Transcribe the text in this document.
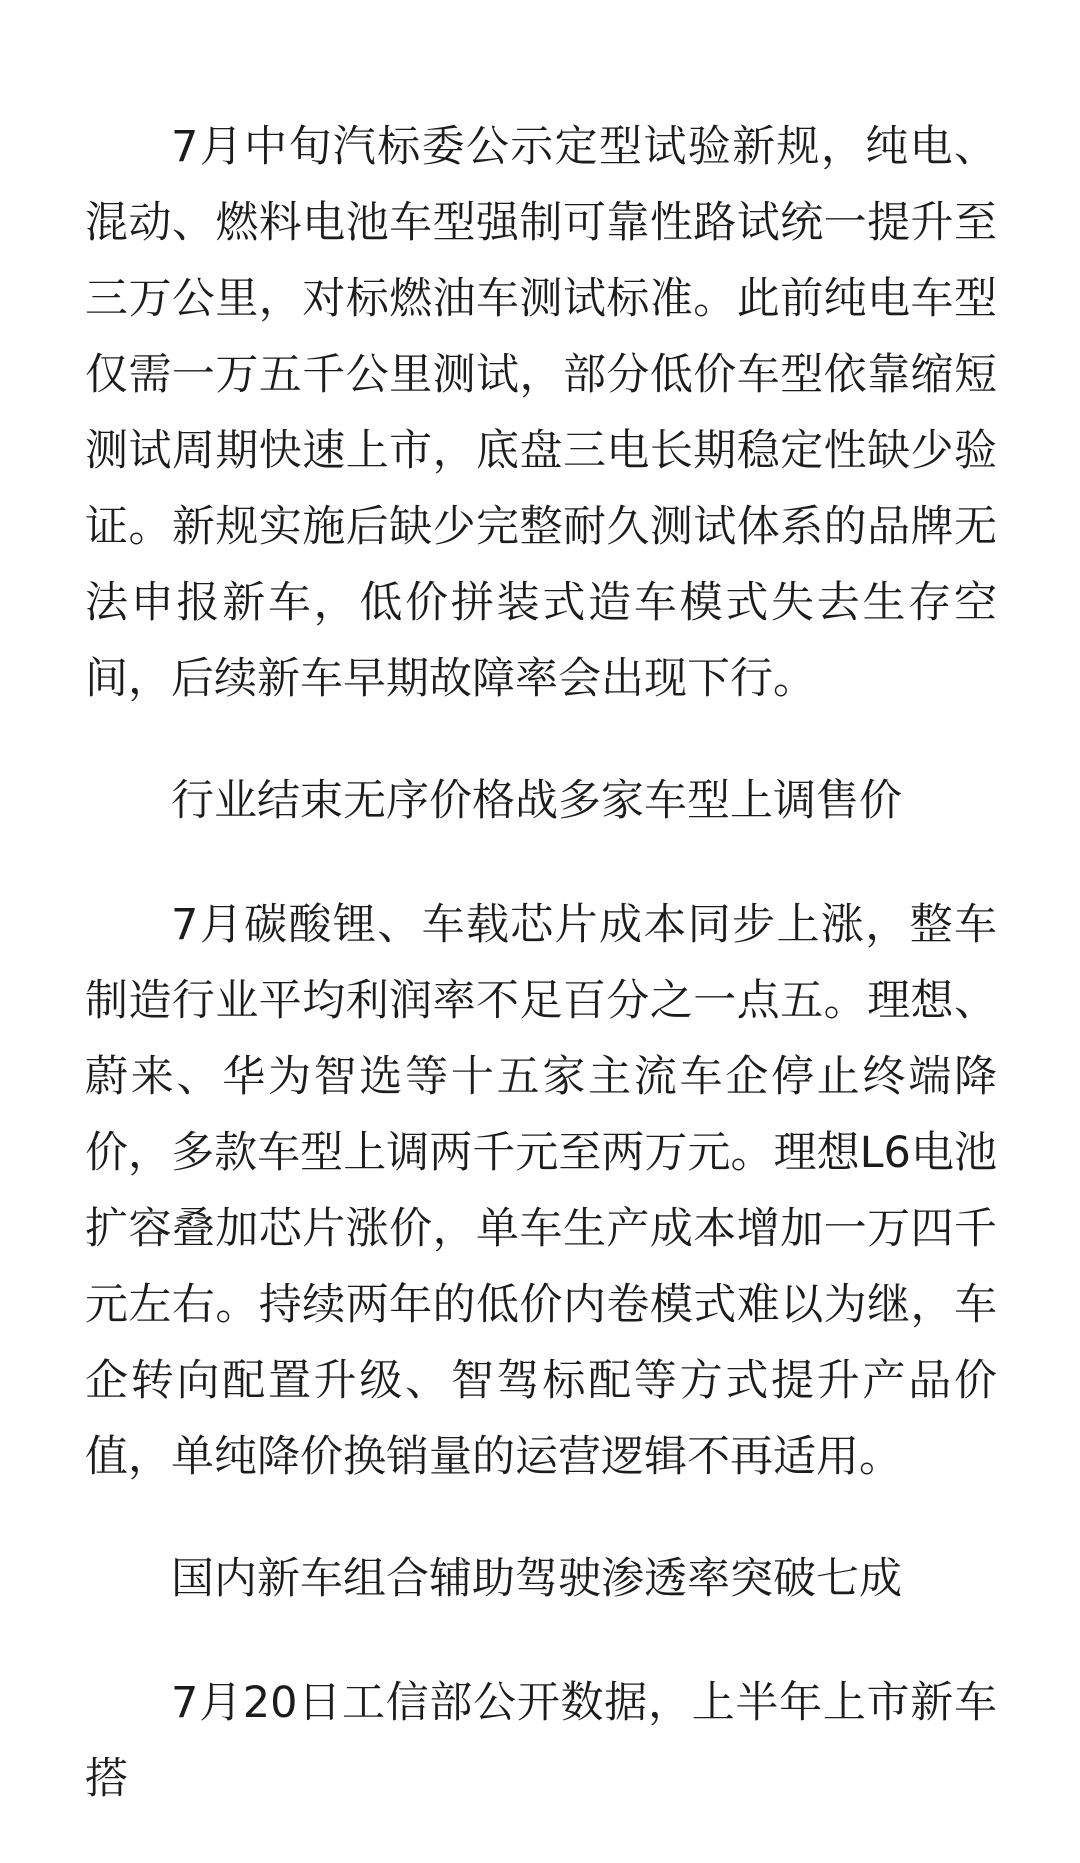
7月中旬汽标委公示定型试验新规，纯电、混动、燃料电池车型强制可靠性路试统一提升至三万公里，对标燃油车测试标准。此前纯电车型仅需一万五千公里测试，部分低价车型依靠缩短测试周期快速上市，底盘三电长期稳定性缺少验证。新规实施后缺少完整耐久测试体系的品牌无法申报新车，低价拼装式造车模式失去生存空间，后续新车早期故障率会出现下行。

行业结束无序价格战多家车型上调售价

7月碳酸锂、车载芯片成本同步上涨，整车制造行业平均利润率不足百分之一点五。理想、蔚来、华为智选等十五家主流车企停止终端降价，多款车型上调两千元至两万元。理想L6电池扩容叠加芯片涨价，单车生产成本增加一万四千元左右。持续两年的低价内卷模式难以为继，车企转向配置升级、智驾标配等方式提升产品价值，单纯降价换销量的运营逻辑不再适用。

国内新车组合辅助驾驶渗透率突破七成

7月20日工信部公开数据，上半年上市新车搭
